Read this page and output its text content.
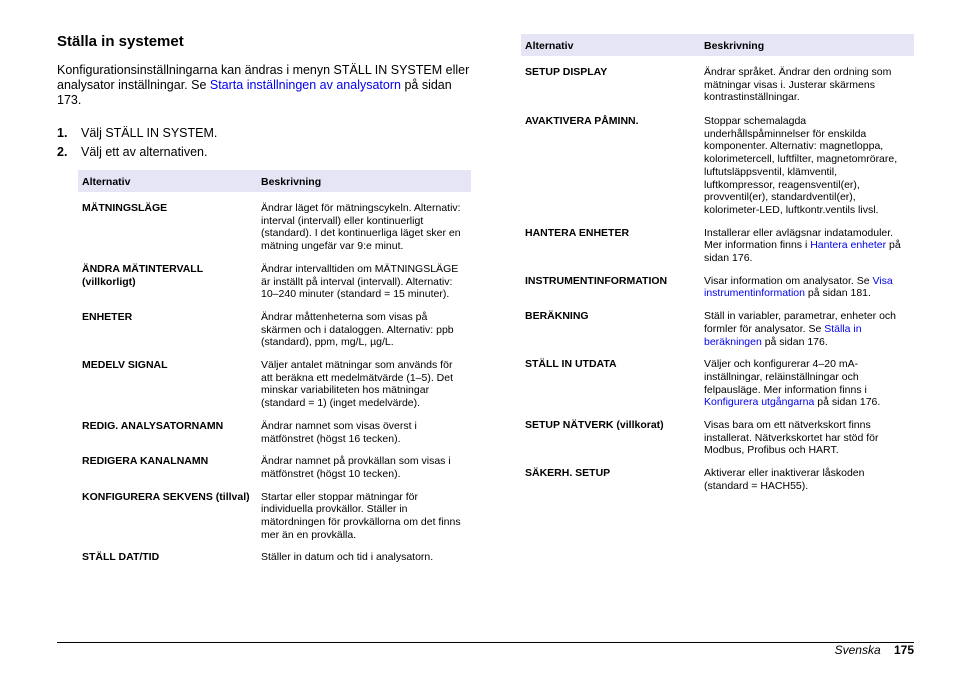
Ställa in systemet

Konfigurationsinställningarna kan ändras i menyn STÄLL IN SYSTEM eller analysator inställningar. Se Starta inställningen av analysatorn på sidan 173.

1. Välj STÄLL IN SYSTEM.
2. Välj ett av alternativen.
Alternativ	Beskrivning
MÄTNINGSLÄGE	Ändrar läget för mätningscykeln. Alternativ: interval (intervall) eller kontinuerligt (standard). I det kontinuerliga läget sker en mätning ungefär var 9:e minut.
ÄNDRA MÄTINTERVALL (villkorligt)	Ändrar intervalltiden om MÄTNINGSLÄGE är inställt på interval (intervall). Alternativ: 10–240 minuter (standard = 15 minuter).
ENHETER	Ändrar måttenheterna som visas på skärmen och i dataloggen. Alternativ: ppb (standard), ppm, mg/L, µg/L.
MEDELV SIGNAL	Väljer antalet mätningar som används för att beräkna ett medelmätvärde (1–5). Det minskar variabiliteten hos mätningar (standard = 1) (inget medelvärde).
REDIG. ANALYSATORNAMN	Ändrar namnet som visas överst i mätfönstret (högst 16 tecken).
REDIGERA KANALNAMN	Ändrar namnet på provkällan som visas i mätfönstret (högst 10 tecken).
KONFIGURERA SEKVENS (tillval)	Startar eller stoppar mätningar för individuella provkällor. Ställer in mätordningen för provkällorna om det finns mer än en provkälla.
STÄLL DAT/TID	Ställer in datum och tid i analysatorn.
Alternativ	Beskrivning
SETUP DISPLAY	Ändrar språket. Ändrar den ordning som mätningar visas i. Justerar skärmens kontrastinställningar.
AVAKTIVERA PÅMINN.	Stoppar schemalagda underhållspåminnelser för enskilda komponenter. Alternativ: magnetloppa, kolorimetercell, luftfilter, magnetomrörare, luftutsläppsventil, klämventil, luftkompressor, reagensventil(er), provventil(er), standardventil(er), kolorimeter-LED, luftkontr.ventils livsl.
HANTERA ENHETER	Installerar eller avlägsnar indatamoduler. Mer information finns i Hantera enheter på sidan 176.
INSTRUMENTINFORMATION	Visar information om analysator. Se Visa instrumentinformation på sidan 181.
BERÄKNING	Ställ in variabler, parametrar, enheter och formler för analysator. Se Ställa in beräkningen på sidan 176.
STÄLL IN UTDATA	Väljer och konfigurerar 4–20 mA-inställningar, reläinställningar och felpausläge. Mer information finns i Konfigurera utgångarna på sidan 176.
SETUP NÄTVERK (villkorat)	Visas bara om ett nätverkskort finns installerat. Nätverkskortet har stöd för Modbus, Profibus och HART.
SÄKERH. SETUP	Aktiverar eller inaktiverar låskoden (standard = HACH55).
Svenska 175
